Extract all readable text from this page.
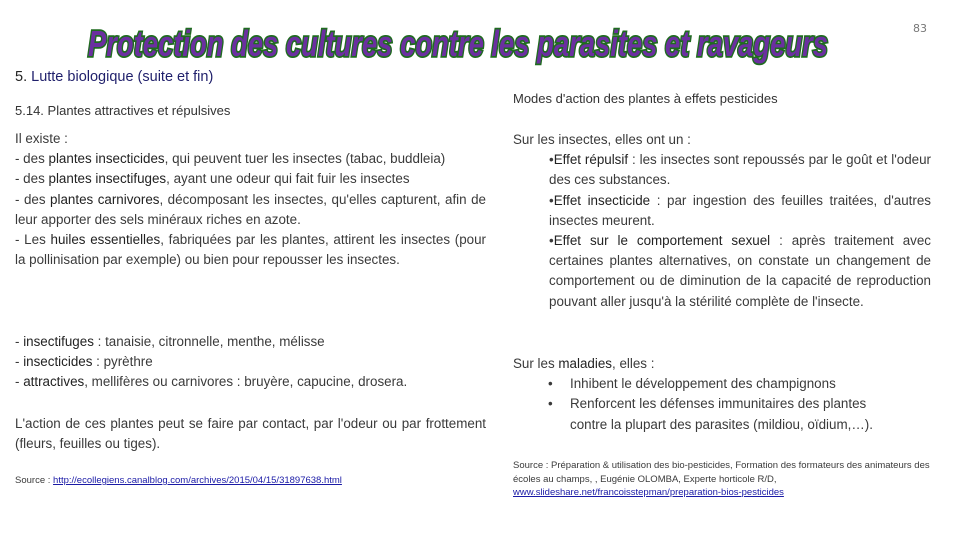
Protection des cultures contre les parasites et ravageurs	83
5. Lutte biologique (suite et fin)
5.14. Plantes attractives et répulsives

Il existe :

- des plantes insecticides, qui peuvent tuer les insectes (tabac, buddleia)

- des plantes insectifuges, ayant une odeur qui fait fuir les insectes

- des plantes carnivores, décomposant les insectes, qu'elles capturent, afin de leur apporter des sels minéraux riches en azote.

- Les huiles essentielles, fabriquées par les plantes, attirent les insectes (pour la pollinisation par exemple) ou bien pour repousser les insectes.

- insectifuges : tanaisie, citronnelle, menthe, mélisse

- insecticides : pyrèthre

- attractives, mellifères ou carnivores : bruyère, capucine, drosera.

L'action de ces plantes peut se faire par contact, par l'odeur ou par frottement (fleurs, feuilles ou tiges).
Source : http://ecollegiens.canalblog.com/archives/2015/04/15/31897638.html
Modes d'action des plantes à effets pesticides

Sur les insectes, elles ont un :

•Effet répulsif : les insectes sont repoussés par le goût et l'odeur des ces substances.

•Effet insecticide : par ingestion des feuilles traitées, d'autres insectes meurent.

•Effet sur le comportement sexuel : après traitement avec certaines plantes alternatives, on constate un changement de comportement ou de diminution de la capacité de reproduction pouvant aller jusqu'à la stérilité complète de l'insecte.

Sur les maladies, elles :

• Inhibent le développement des champignons

• Renforcent les défenses immunitaires des plantes

contre la plupart des parasites (mildiou, oïdium,…).

Source : Préparation & utilisation des bio-pesticides, Formation des formateurs des animateurs des écoles au champs, , Eugénie OLOMBA, Experte horticole R/D,
www.slideshare.net/francoisstepman/preparation-bios-pesticides
